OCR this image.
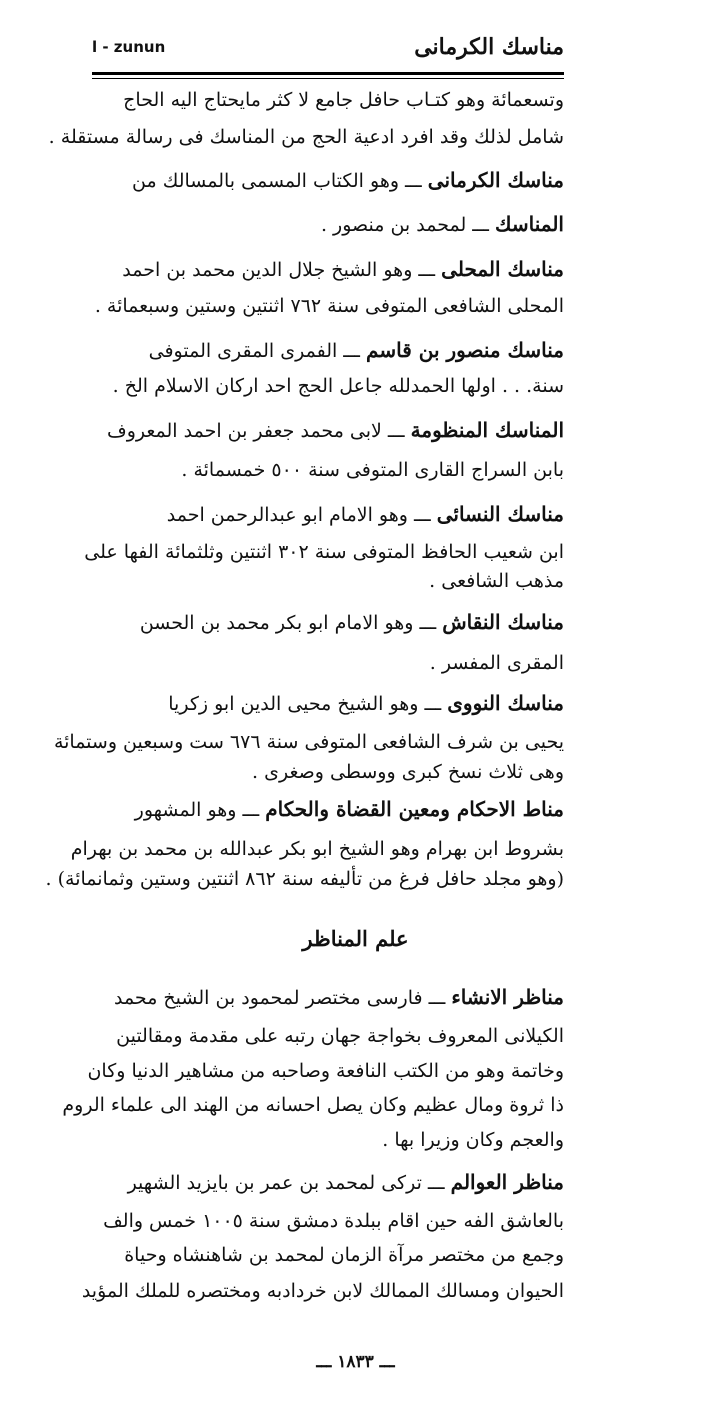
مناسك الكرمانى
l - zunun
وتسعمائة وهو كتـاب حافل جامع لا كثر مايحتاج اليه الحاج
شامل لذلك وقد افرد ادعية الحج من المناسك فى رسالة مستقلة .
مناسك الكرمانى ـــ وهو الكتاب المسمى بالمسالك من
المناسك ـــ لمحمد بن منصور .
مناسك المحلى ـــ وهو الشيخ جلال الدين محمد بن احمد
المحلى الشافعى المتوفى سنة ٧٦٢ اثنتين وستين وسبعمائة .
مناسك منصور بن قاسم ـــ الفمرى المقرى المتوفى
سنة. . . اولها الحمدلله جاعل الحج احد اركان الاسلام الخ .
المناسك المنظومة ـــ لابى محمد جعفر بن احمد المعروف
بابن السراج القارى المتوفى سنة ٥٠٠ خمسمائة .
مناسك النسائى ـــ وهو الامام ابو عبدالرحمن احمد
ابن شعيب الحافظ المتوفى سنة ٣٠٢ اثنتين وثلثمائة الفها على
مذهب الشافعى .
مناسك النقاش ـــ وهو الامام ابو بكر محمد بن الحسن
المقرى المفسر .
مناسك النووى ـــ وهو الشيخ محيى الدين ابو زكريا
يحيى بن شرف الشافعى المتوفى سنة ٦٧٦ ست وسبعين وستمائة
وهى ثلاث نسخ كبرى ووسطى وصغرى .
مناط الاحكام ومعين القضاة والحكام ـــ وهو المشهور
بشروط ابن بهرام وهو الشيخ ابو بكر عبدالله بن محمد بن بهرام
(وهو مجلد حافل فرغ من تأليفه سنة ٨٦٢ اثنتين وستين وثمانمائة) .
مناظر الانشاء ـــ فارسى مختصر لمحمود بن الشيخ محمد
الكيلانى المعروف بخواجة جهان رتبه على مقدمة ومقالتين
وخاتمة وهو من الكتب النافعة وصاحبه من مشاهير الدنيا وكان
ذا ثروة ومال عظيم وكان يصل احسانه من الهند الى علماء الروم
والعجم وكان وزيرا بها .
مناظر العوالم ـــ تركى لمحمد بن عمر بن بايزيد الشهير
بالعاشق الفه حين اقام ببلدة دمشق سنة ١٠٠٥ خمس والف
وجمع من مختصر مرآة الزمان لمحمد بن شاهنشاه وحياة
الحيوان ومسالك الممالك لابن خردادبه ومختصره للملك المؤيد
علم المناظر
ـــ ١٨٣٣ ـــ
